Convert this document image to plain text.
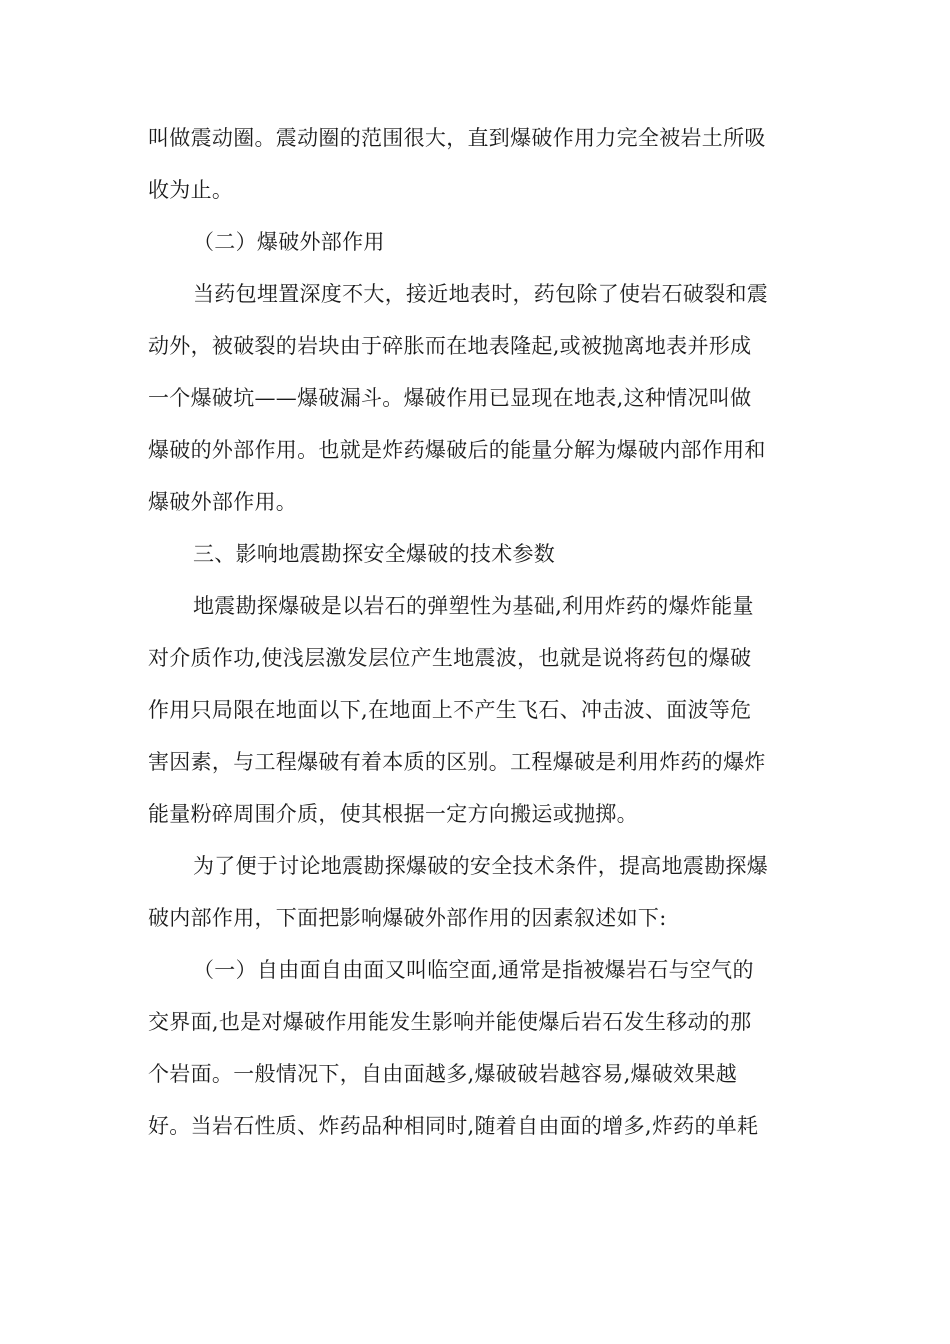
叫做震动圈。震动圈的范围很大，直到爆破作用力完全被岩土所吸
收为止。
（二）爆破外部作用
当药包埋置深度不大，接近地表时，药包除了使岩石破裂和震
动外，被破裂的岩块由于碎胀而在地表隆起,或被抛离地表并形成
一个爆破坑——爆破漏斗。爆破作用已显现在地表,这种情况叫做
爆破的外部作用。也就是炸药爆破后的能量分解为爆破内部作用和
爆破外部作用。
三、影响地震勘探安全爆破的技术参数
地震勘探爆破是以岩石的弹塑性为基础,利用炸药的爆炸能量
对介质作功,使浅层激发层位产生地震波，也就是说将药包的爆破
作用只局限在地面以下,在地面上不产生飞石、冲击波、面波等危
害因素，与工程爆破有着本质的区别。工程爆破是利用炸药的爆炸
能量粉碎周围介质，使其根据一定方向搬运或抛掷。
为了便于讨论地震勘探爆破的安全技术条件，提高地震勘探爆
破内部作用，下面把影响爆破外部作用的因素叙述如下:
（一）自由面自由面又叫临空面,通常是指被爆岩石与空气的
交界面,也是对爆破作用能发生影响并能使爆后岩石发生移动的那
个岩面。一般情况下，自由面越多,爆破破岩越容易,爆破效果越
好。当岩石性质、炸药品种相同时,随着自由面的增多,炸药的单耗
